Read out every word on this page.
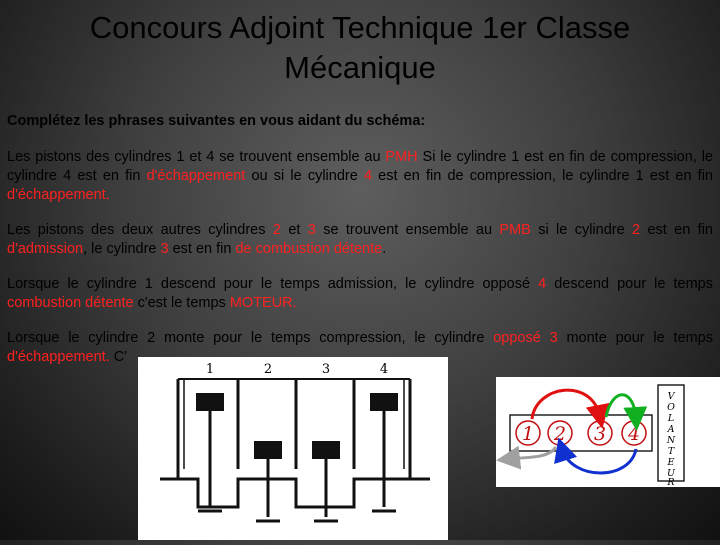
Concours Adjoint Technique 1er Classe
Mécanique

Complétez les phrases suivantes en vous aidant du schéma:

Les pistons des cylindres 1 et 4 se trouvent ensemble au PMH Si le cylindre 1 est en fin de compression, le cylindre 4 est en fin d'échappement ou si le cylindre 4 est en fin de compression, le cylindre 1 est en fin d'échappement.

Les pistons des deux autres cylindres 2 et 3 se trouvent ensemble au PMB si le cylindre 2 est en fin d'admission, le cylindre 3 est en fin de combustion détente.

Lorsque le cylindre 1 descend pour le temps admission, le cylindre opposé 4 descend pour le temps combustion détente c'est le temps MOTEUR.

Lorsque le cylindre 2 monte pour le temps compression, le cylindre opposé 3 monte pour le temps d'échappement. C'

1	2	3	4
V
O
L
A
N
T
E
U
R
1 2 3 4
